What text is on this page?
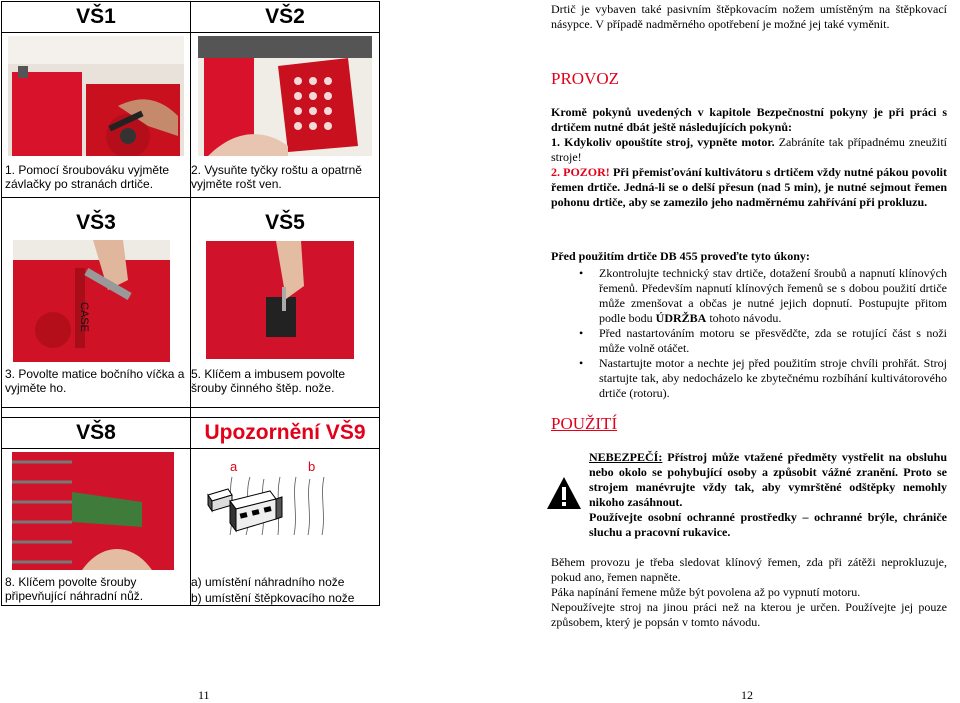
VŠ1	VŠ2
1. Pomocí šroubováku vyjměte závlačky po stranách drtiče.
2. Vysuňte tyčky roštu a opatrně vyjměte rošt ven.
VŠ3	VŠ5
CASE
3. Povolte matice bočního víčka a vyjměte ho.
5. Klíčem a imbusem povolte šrouby činného štěp. nože.
VŠ8	Upozornění VŠ9
a	b
8. Klíčem povolte šrouby připevňující náhradní nůž.
a) umístění náhradního nože
b) umístění štěpkovacího nože
11

Drtič je vybaven také pasivním štěpkovacím nožem umístěným na štěpkovací násypce. V případě nadměrného opotřebení je možné jej také vyměnit.

PROVOZ

Kromě pokynů uvedených v kapitole Bezpečnostní pokyny je při práci s drtičem nutné dbát ještě následujících pokynů:

1. Kdykoliv opouštíte stroj, vypněte motor. Zabráníte tak případnému zneužití stroje!

2. POZOR! Při přemisťování kultivátoru s drtičem vždy nutné pákou povolit řemen drtiče. Jedná-li se o delší přesun (nad 5 min), je nutné sejmout řemen pohonu drtiče, aby se zamezilo jeho nadměrnému zahřívání při prokluzu.

Před použitím drtiče DB 455 proveďte tyto úkony:

• Zkontrolujte technický stav drtiče, dotažení šroubů a napnutí klínových řemenů. Především napnutí klínových řemenů se s dobou použití drtiče může zmenšovat a občas je nutné jejich dopnutí. Postupujte přitom podle bodu ÚDRŽBA tohoto návodu.
• Před nastartováním motoru se přesvědčte, zda se rotující část s noži může volně otáčet.
• Nastartujte motor a nechte jej před použitím stroje chvíli prohřát. Stroj startujte tak, aby nedocházelo ke zbytečnému rozbíhání kultivátorového drtiče (rotoru).

POUŽITÍ

NEBEZPEČÍ: Přístroj může vtažené předměty vystřelit na obsluhu nebo okolo se pohybující osoby a způsobit vážné zranění. Proto se strojem manévrujte vždy tak, aby vymrštěné odštěpky nemohly nikoho zasáhnout.

Používejte osobní ochranné prostředky – ochranné brýle, chrániče sluchu a pracovní rukavice.

Během provozu je třeba sledovat klínový řemen, zda při zátěži neprokluzuje, pokud ano, řemen napněte.

Páka napínání řemene může být povolena až po vypnutí motoru.

Nepoužívejte stroj na jinou práci než na kterou je určen. Používejte jej pouze způsobem, který je popsán v tomto návodu.

12
